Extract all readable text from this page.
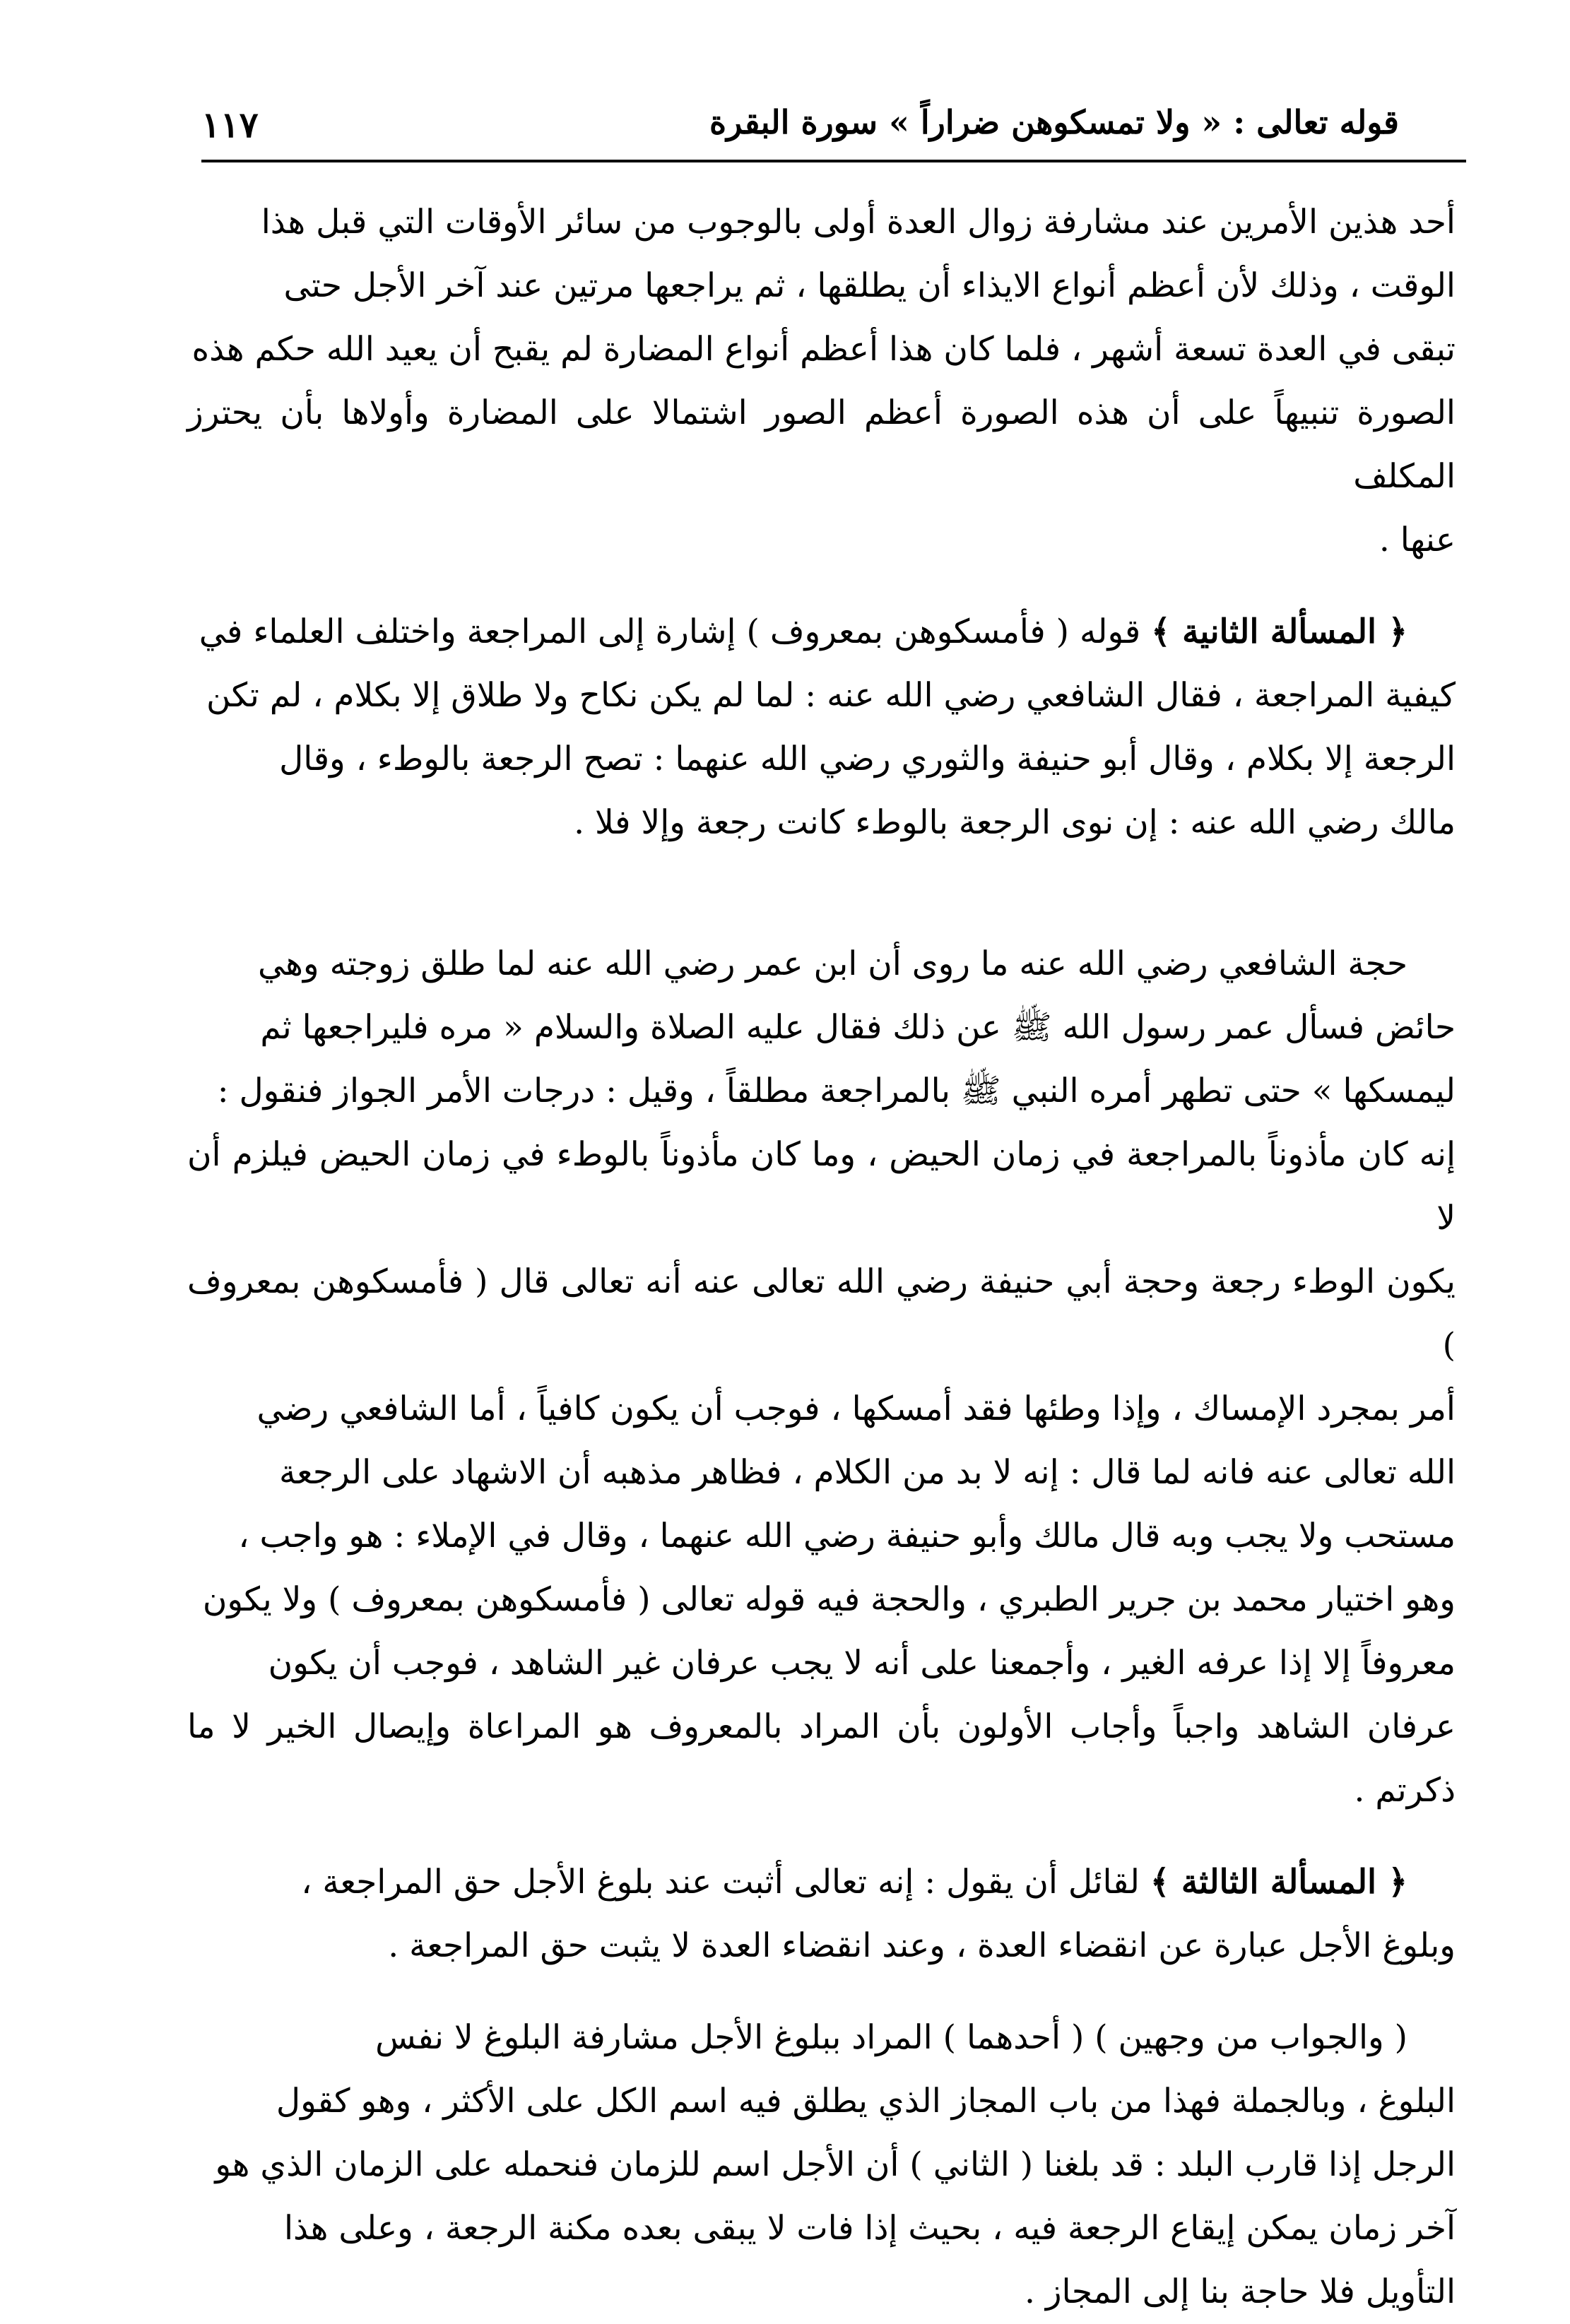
قوله تعالى : « ولا تمسكوهن ضراراً » سورة البقرة
١١٧

أحد هذين الأمرين عند مشارفة زوال العدة أولى بالوجوب من سائر الأوقات التي قبل هذا

الوقت ، وذلك لأن أعظم أنواع الايذاء أن يطلقها ، ثم يراجعها مرتين عند آخر الأجل حتى

تبقى في العدة تسعة أشهر ، فلما كان هذا أعظم أنواع المضارة لم يقبح أن يعيد الله حكم هذه

الصورة تنبيهاً على أن هذه الصورة أعظم الصور اشتمالا على المضارة وأولاها بأن يحترز المكلف

عنها .

﴿ المسألة الثانية ﴾ قوله ( فأمسكوهن بمعروف ) إشارة إلى المراجعة واختلف العلماء في

كيفية المراجعة ، فقال الشافعي رضي الله عنه : لما لم يكن نكاح ولا طلاق إلا بكلام ، لم تكن

الرجعة إلا بكلام ، وقال أبو حنيفة والثوري رضي الله عنهما : تصح الرجعة بالوطء ، وقال

مالك رضي الله عنه : إن نوى الرجعة بالوطء كانت رجعة وإلا فلا .

حجة الشافعي رضي الله عنه ما روى أن ابن عمر رضي الله عنه لما طلق زوجته وهي

حائض فسأل عمر رسول الله ﷺ عن ذلك فقال عليه الصلاة والسلام « مره فليراجعها ثم

ليمسكها » حتى تطهر أمره النبي ﷺ بالمراجعة مطلقاً ، وقيل : درجات الأمر الجواز فنقول :

إنه كان مأذوناً بالمراجعة في زمان الحيض ، وما كان مأذوناً بالوطء في زمان الحيض فيلزم أن لا

يكون الوطء رجعة وحجة أبي حنيفة رضي الله تعالى عنه أنه تعالى قال ( فأمسكوهن بمعروف )

أمر بمجرد الإمساك ، وإذا وطئها فقد أمسكها ، فوجب أن يكون كافياً ، أما الشافعي رضي

الله تعالى عنه فانه لما قال : إنه لا بد من الكلام ، فظاهر مذهبه أن الاشهاد على الرجعة

مستحب ولا يجب وبه قال مالك وأبو حنيفة رضي الله عنهما ، وقال في الإملاء : هو واجب ،

وهو اختيار محمد بن جرير الطبري ، والحجة فيه قوله تعالى ( فأمسكوهن بمعروف ) ولا يكون

معروفاً إلا إذا عرفه الغير ، وأجمعنا على أنه لا يجب عرفان غير الشاهد ، فوجب أن يكون

عرفان الشاهد واجباً وأجاب الأولون بأن المراد بالمعروف هو المراعاة وإيصال الخير لا ما ذكرتم .

﴿ المسألة الثالثة ﴾ لقائل أن يقول : إنه تعالى أثبت عند بلوغ الأجل حق المراجعة ،

وبلوغ الأجل عبارة عن انقضاء العدة ، وعند انقضاء العدة لا يثبت حق المراجعة .

( والجواب من وجهين ) ( أحدهما ) المراد ببلوغ الأجل مشارفة البلوغ لا نفس

البلوغ ، وبالجملة فهذا من باب المجاز الذي يطلق فيه اسم الكل على الأكثر ، وهو كقول

الرجل إذا قارب البلد : قد بلغنا ( الثاني ) أن الأجل اسم للزمان فنحمله على الزمان الذي هو

آخر زمان يمكن إيقاع الرجعة فيه ، بحيث إذا فات لا يبقى بعده مكنة الرجعة ، وعلى هذا

التأويل فلا حاجة بنا إلى المجاز .
